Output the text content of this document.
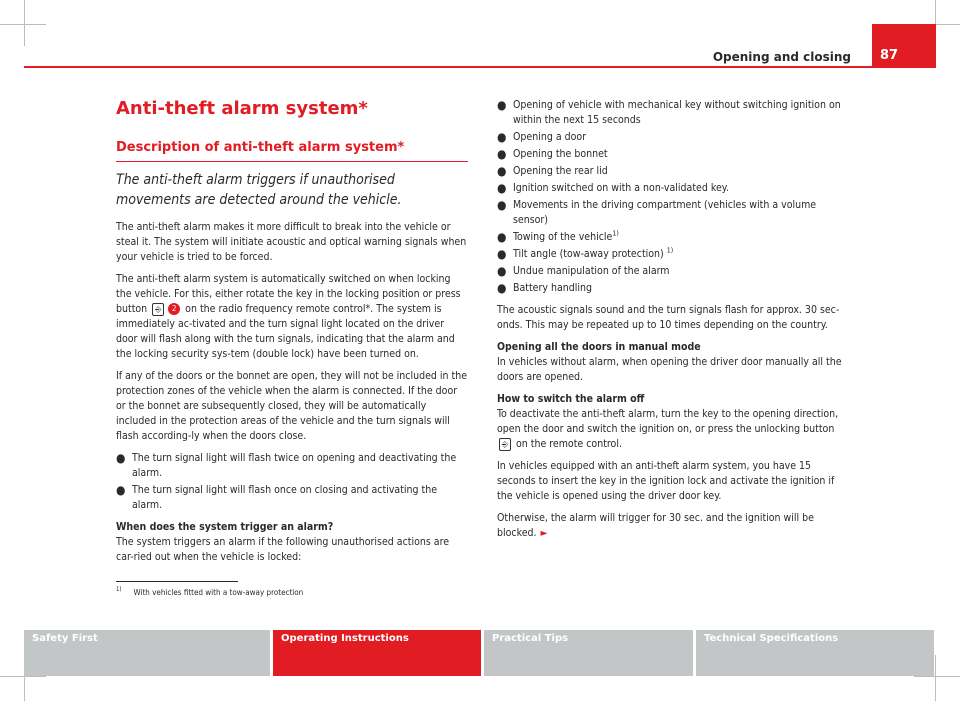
Opening and closing 87
Anti-theft alarm system*
Description of anti-theft alarm system*

The anti-theft alarm triggers if unauthorised movements are detected around the vehicle.

The anti-theft alarm makes it more difficult to break into the vehicle or steal it. The system will initiate acoustic and optical warning signals when your vehicle is tried to be forced.

The anti-theft alarm system is automatically switched on when locking the vehicle. For this, either rotate the key in the locking position or press button ⎆ 2 on the radio frequency remote control*. The system is immediately ac-tivated and the turn signal light located on the driver door will flash along with the turn signals, indicating that the alarm and the locking security sys-tem (double lock) have been turned on.

If any of the doors or the bonnet are open, they will not be included in the protection zones of the vehicle when the alarm is connected. If the door or the bonnet are subsequently closed, they will be automatically included in the protection areas of the vehicle and the turn signals will flash according-ly when the doors close.

● The turn signal light will flash twice on opening and deactivating the alarm.
● The turn signal light will flash once on closing and activating the alarm.

When does the system trigger an alarm?

The system triggers an alarm if the following unauthorised actions are car-ried out when the vehicle is locked:

● Opening of vehicle with mechanical key without switching ignition on within the next 15 seconds
● Opening a door
● Opening the bonnet
● Opening the rear lid
● Ignition switched on with a non-validated key.
● Movements in the driving compartment (vehicles with a volume sensor)
● Towing of the vehicle$^{1)}$
● Tilt angle (tow-away protection) $^{1)}$
● Undue manipulation of the alarm
● Battery handling

The acoustic signals sound and the turn signals flash for approx. 30 sec-onds. This may be repeated up to 10 times depending on the country.

Opening all the doors in manual mode

In vehicles without alarm, when opening the driver door manually all the doors are opened.

How to switch the alarm off

To deactivate the anti-theft alarm, turn the key to the opening direction, open the door and switch the ignition on, or press the unlocking button ⎆ on the remote control.

In vehicles equipped with an anti-theft alarm system, you have 15 seconds to insert the key in the ignition lock and activate the ignition if the vehicle is opened using the driver door key.

Otherwise, the alarm will trigger for 30 sec. and the ignition will be blocked. ►

$^{1)}$ With vehicles fitted with a tow-away protection
Safety First	Operating Instructions	Practical Tips	Technical Specifications
